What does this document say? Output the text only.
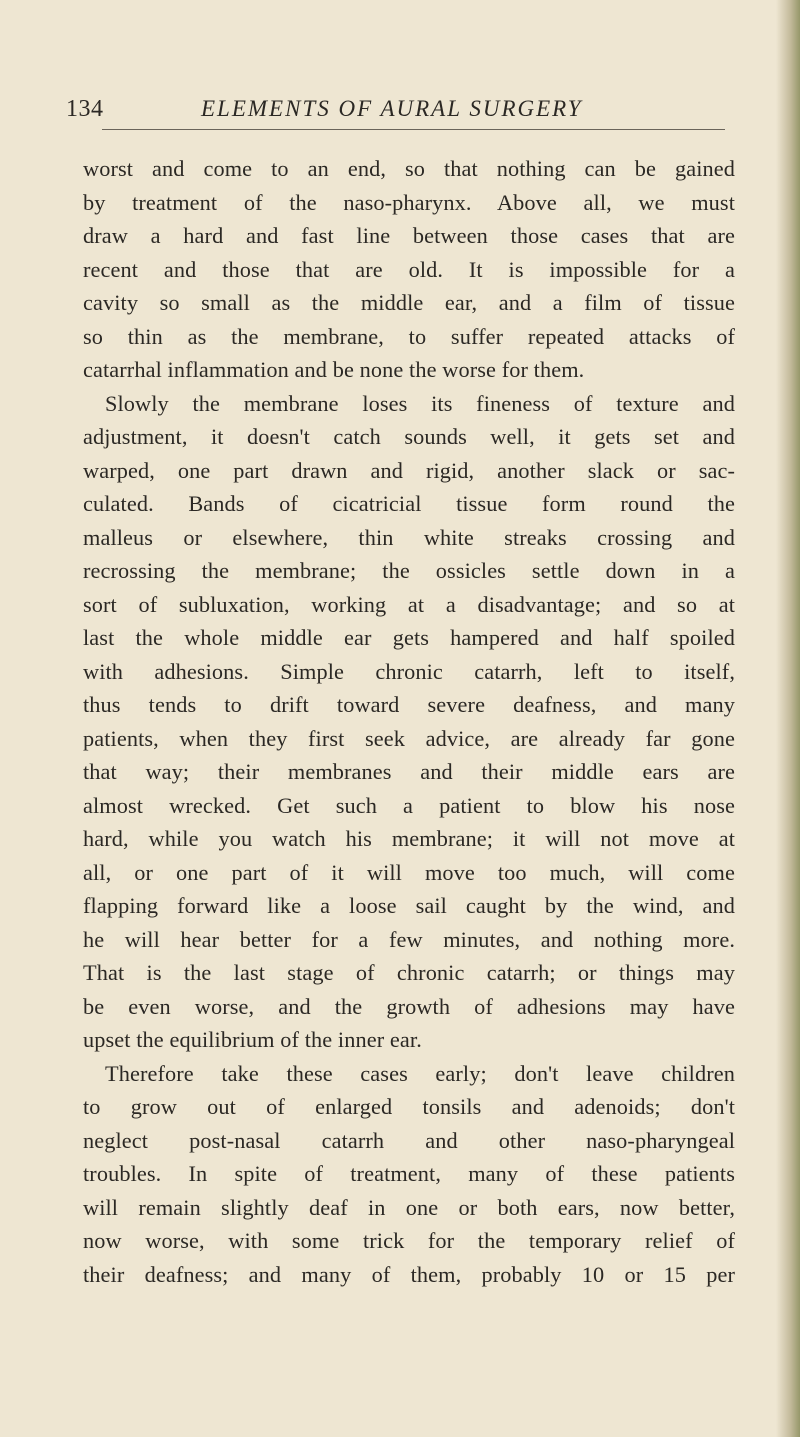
134	ELEMENTS OF AURAL SURGERY
worst and come to an end, so that nothing can be gained
by treatment of the naso-pharynx. Above all, we must
draw a hard and fast line between those cases that are
recent and those that are old. It is impossible for a
cavity so small as the middle ear, and a film of tissue
so thin as the membrane, to suffer repeated attacks of
catarrhal inflammation and be none the worse for them.
Slowly the membrane loses its fineness of texture and
adjustment, it doesn't catch sounds well, it gets set and
warped, one part drawn and rigid, another slack or sac-
culated. Bands of cicatricial tissue form round the
malleus or elsewhere, thin white streaks crossing and
recrossing the membrane; the ossicles settle down in a
sort of subluxation, working at a disadvantage; and so at
last the whole middle ear gets hampered and half spoiled
with adhesions. Simple chronic catarrh, left to itself,
thus tends to drift toward severe deafness, and many
patients, when they first seek advice, are already far gone
that way; their membranes and their middle ears are
almost wrecked. Get such a patient to blow his nose
hard, while you watch his membrane; it will not move at
all, or one part of it will move too much, will come
flapping forward like a loose sail caught by the wind, and
he will hear better for a few minutes, and nothing more.
That is the last stage of chronic catarrh; or things may
be even worse, and the growth of adhesions may have
upset the equilibrium of the inner ear.
Therefore take these cases early; don't leave children
to grow out of enlarged tonsils and adenoids; don't
neglect post-nasal catarrh and other naso-pharyngeal
troubles. In spite of treatment, many of these patients
will remain slightly deaf in one or both ears, now better,
now worse, with some trick for the temporary relief of
their deafness; and many of them, probably 10 or 15 per
